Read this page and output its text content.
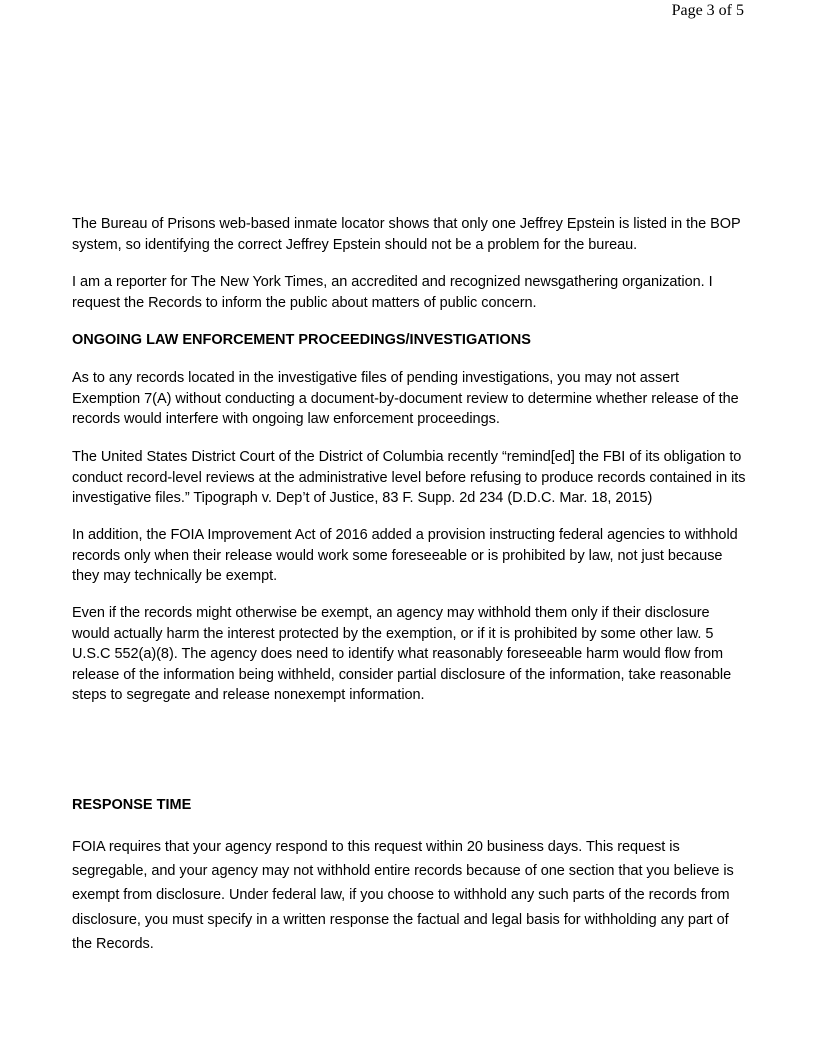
Page 3 of 5

The Bureau of Prisons web-based inmate locator shows that only one Jeffrey Epstein is listed in the BOP system, so identifying the correct Jeffrey Epstein should not be a problem for the bureau.

I am a reporter for The New York Times, an accredited and recognized newsgathering organization. I request the Records to inform the public about matters of public concern.

ONGOING LAW ENFORCEMENT PROCEEDINGS/INVESTIGATIONS

As to any records located in the investigative files of pending investigations, you may not assert Exemption 7(A) without conducting a document-by-document review to determine whether release of the records would interfere with ongoing law enforcement proceedings.

The United States District Court of the District of Columbia recently “remind[ed] the FBI of its obligation to conduct record-level reviews at the administrative level before refusing to produce records contained in its investigative files.” Tipograph v. Dep’t of Justice, 83 F. Supp. 2d 234 (D.D.C. Mar. 18, 2015)

In addition, the FOIA Improvement Act of 2016 added a provision instructing federal agencies to withhold records only when their release would work some foreseeable or is prohibited by law, not just because they may technically be exempt.

Even if the records might otherwise be exempt, an agency may withhold them only if their disclosure would actually harm the interest protected by the exemption, or if it is prohibited by some other law. 5 U.S.C 552(a)(8). The agency does need to identify what reasonably foreseeable harm would flow from release of the information being withheld, consider partial disclosure of the information, take reasonable steps to segregate and release nonexempt information.

RESPONSE TIME

FOIA requires that your agency respond to this request within 20 business days. This request is segregable, and your agency may not withhold entire records because of one section that you believe is exempt from disclosure. Under federal law, if you choose to withhold any such parts of the records from disclosure, you must specify in a written response the factual and legal basis for withholding any part of the Records.
